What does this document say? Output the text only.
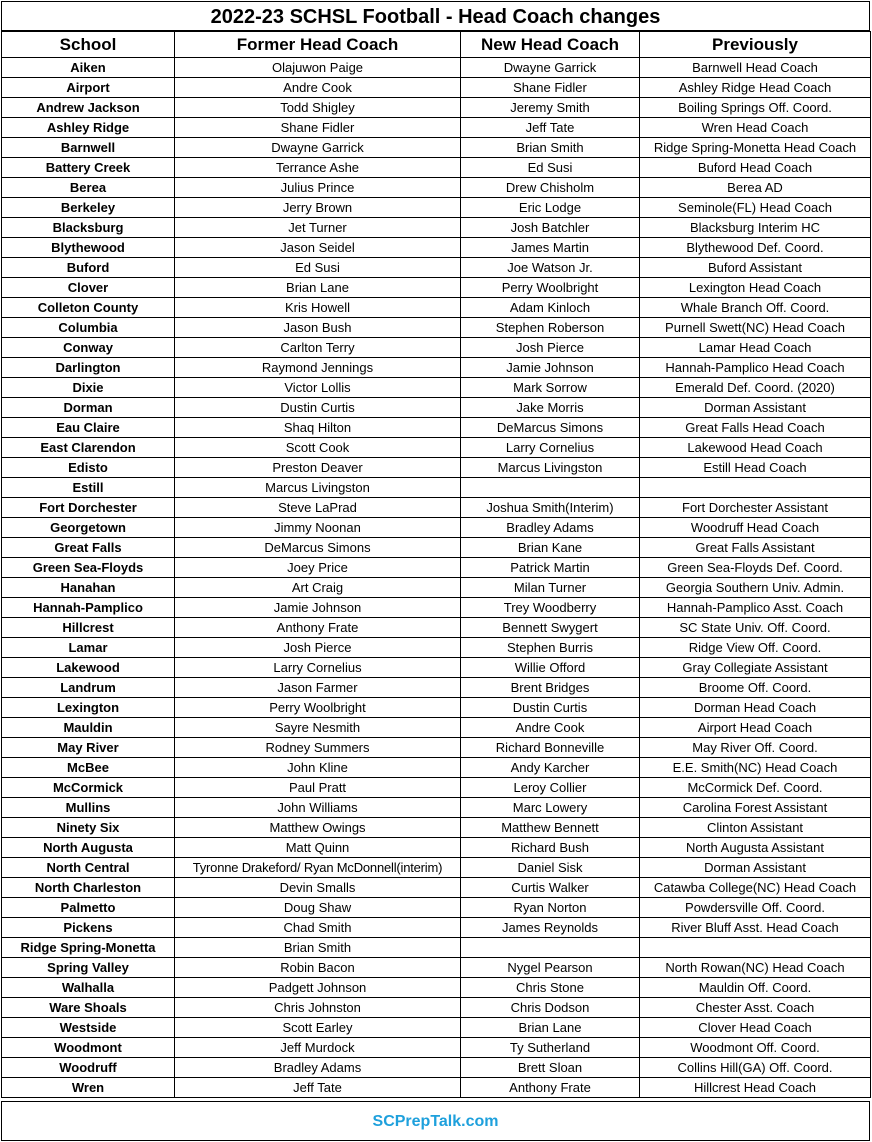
2022-23 SCHSL Football - Head Coach changes
School	Former Head Coach	New Head Coach	Previously
Aiken	Olajuwon Paige	Dwayne Garrick	Barnwell Head Coach
Airport	Andre Cook	Shane Fidler	Ashley Ridge Head Coach
Andrew Jackson	Todd Shigley	Jeremy Smith	Boiling Springs Off. Coord.
Ashley Ridge	Shane Fidler	Jeff Tate	Wren Head Coach
Barnwell	Dwayne Garrick	Brian Smith	Ridge Spring-Monetta Head Coach
Battery Creek	Terrance Ashe	Ed Susi	Buford Head Coach
Berea	Julius Prince	Drew Chisholm	Berea AD
Berkeley	Jerry Brown	Eric Lodge	Seminole(FL) Head Coach
Blacksburg	Jet Turner	Josh Batchler	Blacksburg Interim HC
Blythewood	Jason Seidel	James Martin	Blythewood Def. Coord.
Buford	Ed Susi	Joe Watson Jr.	Buford Assistant
Clover	Brian Lane	Perry Woolbright	Lexington Head Coach
Colleton County	Kris Howell	Adam Kinloch	Whale Branch Off. Coord.
Columbia	Jason Bush	Stephen Roberson	Purnell Swett(NC) Head Coach
Conway	Carlton Terry	Josh Pierce	Lamar Head Coach
Darlington	Raymond Jennings	Jamie Johnson	Hannah-Pamplico Head Coach
Dixie	Victor Lollis	Mark Sorrow	Emerald Def. Coord. (2020)
Dorman	Dustin Curtis	Jake Morris	Dorman Assistant
Eau Claire	Shaq Hilton	DeMarcus Simons	Great Falls Head Coach
East Clarendon	Scott Cook	Larry Cornelius	Lakewood Head Coach
Edisto	Preston Deaver	Marcus Livingston	Estill Head Coach
Estill	Marcus Livingston		
Fort Dorchester	Steve LaPrad	Joshua Smith(Interim)	Fort Dorchester Assistant
Georgetown	Jimmy Noonan	Bradley Adams	Woodruff Head Coach
Great Falls	DeMarcus Simons	Brian Kane	Great Falls Assistant
Green Sea-Floyds	Joey Price	Patrick Martin	Green Sea-Floyds Def. Coord.
Hanahan	Art Craig	Milan Turner	Georgia Southern Univ. Admin.
Hannah-Pamplico	Jamie Johnson	Trey Woodberry	Hannah-Pamplico Asst. Coach
Hillcrest	Anthony Frate	Bennett Swygert	SC State Univ. Off. Coord.
Lamar	Josh Pierce	Stephen Burris	Ridge View Off. Coord.
Lakewood	Larry Cornelius	Willie Offord	Gray Collegiate Assistant
Landrum	Jason Farmer	Brent Bridges	Broome Off. Coord.
Lexington	Perry Woolbright	Dustin Curtis	Dorman Head Coach
Mauldin	Sayre Nesmith	Andre Cook	Airport Head Coach
May River	Rodney Summers	Richard Bonneville	May River Off. Coord.
McBee	John Kline	Andy Karcher	E.E. Smith(NC) Head Coach
McCormick	Paul Pratt	Leroy Collier	McCormick Def. Coord.
Mullins	John Williams	Marc Lowery	Carolina Forest Assistant
Ninety Six	Matthew Owings	Matthew Bennett	Clinton Assistant
North Augusta	Matt Quinn	Richard Bush	North Augusta Assistant
North Central	Tyronne Drakeford/ Ryan McDonnell(interim)	Daniel Sisk	Dorman Assistant
North Charleston	Devin Smalls	Curtis Walker	Catawba College(NC) Head Coach
Palmetto	Doug Shaw	Ryan Norton	Powdersville Off. Coord.
Pickens	Chad Smith	James Reynolds	River Bluff Asst. Head Coach
Ridge Spring-Monetta	Brian Smith		
Spring Valley	Robin Bacon	Nygel Pearson	North Rowan(NC) Head Coach
Walhalla	Padgett Johnson	Chris Stone	Mauldin Off. Coord.
Ware Shoals	Chris Johnston	Chris Dodson	Chester Asst. Coach
Westside	Scott Earley	Brian Lane	Clover Head Coach
Woodmont	Jeff Murdock	Ty Sutherland	Woodmont Off. Coord.
Woodruff	Bradley Adams	Brett Sloan	Collins Hill(GA) Off. Coord.
Wren	Jeff Tate	Anthony Frate	Hillcrest Head Coach
SCPrepTalk.com
